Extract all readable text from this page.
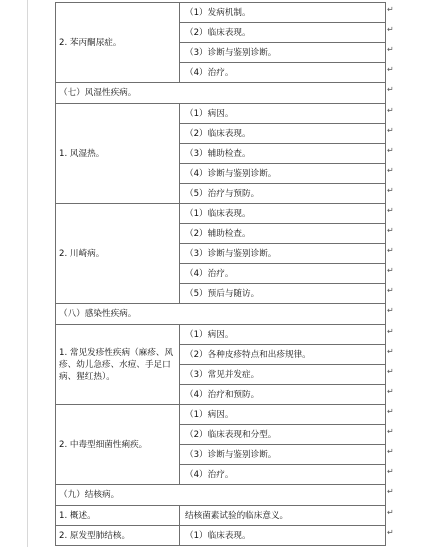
2. 苯丙酮尿症。	（1）发病机制。
	（2）临床表现。
	（3）诊断与鉴别诊断。
	（4）治疗。
（七）风湿性疾病。	
1. 风湿热。	（1）病因。
	（2）临床表现。
	（3）辅助检查。
	（4）诊断与鉴别诊断。
	（5）治疗与预防。
2. 川崎病。	（1）临床表现。
	（2）辅助检查。
	（3）诊断与鉴别诊断。
	（4）治疗。
	（5）预后与随访。
（八）感染性疾病。	
1. 常见发疹性疾病（麻疹、风疹、幼儿急疹、水痘、手足口病、猩红热）。	（1）病因。
	（2）各种皮疹特点和出疹规律。
	（3）常见并发症。
	（4）治疗和预防。
2. 中毒型细菌性痢疾。	（1）病因。
	（2）临床表现和分型。
	（3）诊断与鉴别诊断。
	（4）治疗。
（九）结核病。	
1. 概述。	结核菌素试验的临床意义。
2. 原发型肺结核。	（1）临床表现。
↵
↵
↵
↵
↵
↵
↵
↵
↵
↵
↵
↵
↵
↵
↵
↵
↵
↵
↵
↵
↵
↵
↵
↵
↵
↵
↵
